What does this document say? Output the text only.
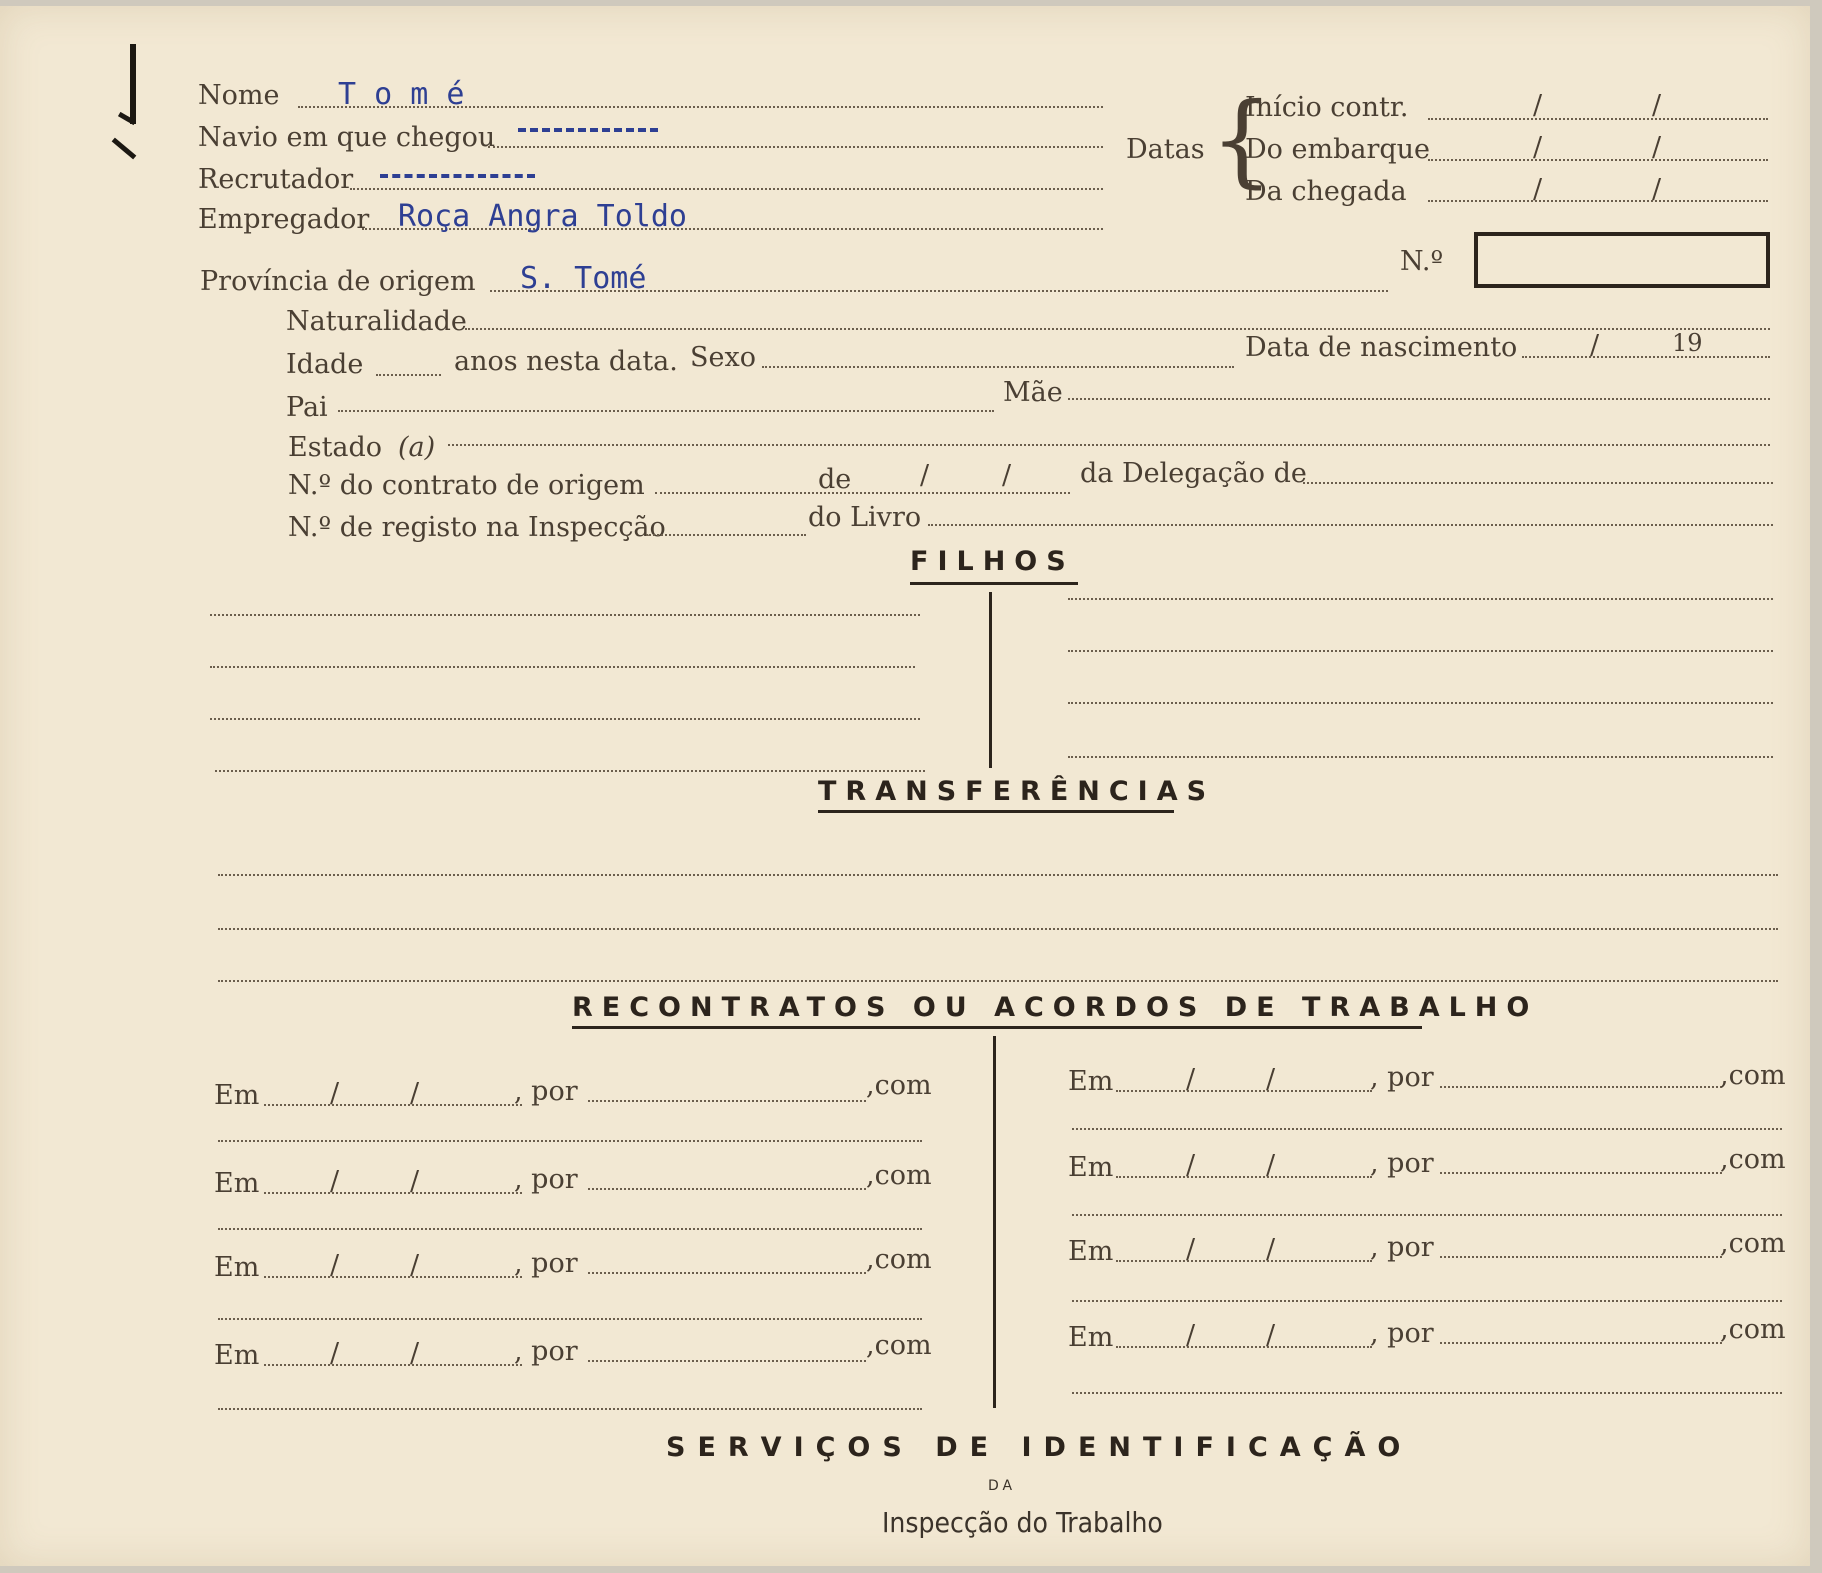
Nome T o m é
Navio em que chegou
Recrutador
Empregador Roça Angra Toldo
Datas {
Início contr.	/	/
Do embarque	/	/
Da chegada	/	/
N.º
Província de origem S. Tomé
Naturalidade
Idade	anos nesta data. Sexo	Data de nascimento	/	19
Pai	Mãe
Estado (a)
N.º do contrato de origem	de	/	/	da Delegação de
N.º de registo na Inspecção	do Livro
FILHOS
TRANSFERÊNCIAS
RECONTRATOS OU ACORDOS DE TRABALHO
Em	/	/	, por	,com
Em	/	/	, por	,com
Em	/	/	, por	,com
Em	/	/	, por	,com
Em	/	/	, por	,com
Em	/	/	, por	,com
Em	/	/	, por	,com
Em	/	/	, por	,com
SERVIÇOS DE IDENTIFICAÇÃO
DA
Inspecção do Trabalho
